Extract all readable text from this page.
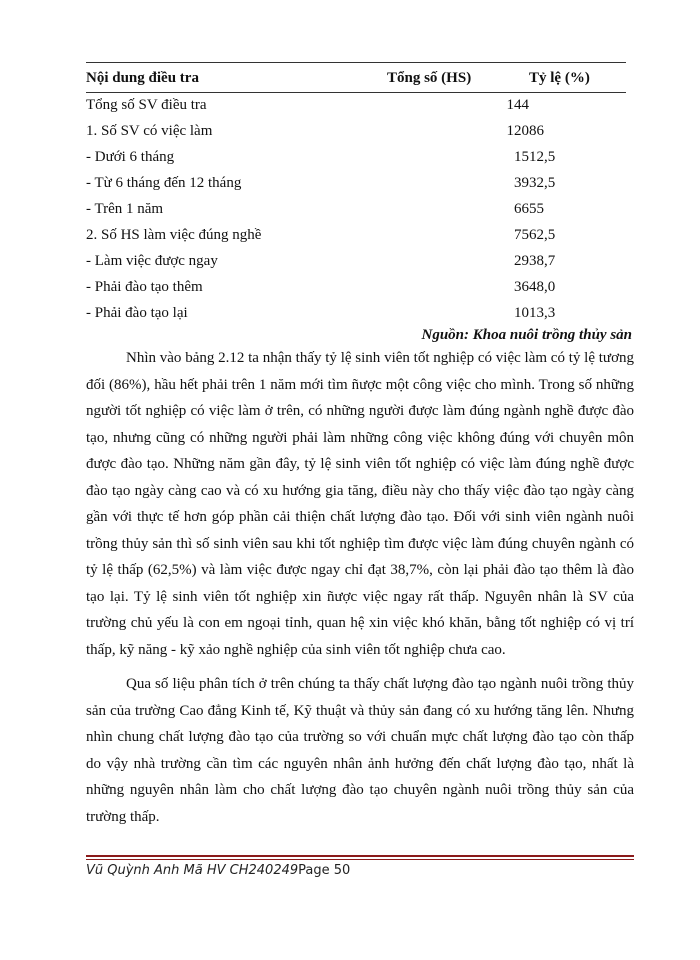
Nội dung điều tra	Tổng số (HS)	Tỷ lệ (%)
Tổng số SV điều tra	144	
1. Số SV có việc làm	120	86
- Dưới 6 tháng	15	12,5
- Từ 6 tháng đến 12 tháng	39	32,5
- Trên 1 năm	66	55
2. Số HS làm việc đúng nghề	75	62,5
- Làm việc được ngay	29	38,7
- Phải đào tạo thêm	36	48,0
- Phải đào tạo lại	10	13,3
Nguồn: Khoa nuôi trồng thủy sản

Nhìn vào bảng 2.12 ta nhận thấy tỷ lệ sinh viên tốt nghiệp có việc làm có tỷ lệ tương đối (86%), hầu hết phải trên 1 năm mới tìm ñược một công việc cho mình. Trong số những người tốt nghiệp có việc làm ở trên, có những người được làm đúng ngành nghề được đào tạo, nhưng cũng có những người phải làm những công việc không đúng với chuyên môn được đào tạo. Những năm gần đây, tỷ lệ sinh viên tốt nghiệp có việc làm đúng nghề được đào tạo ngày càng cao và có xu hướng gia tăng, điều này cho thấy việc đào tạo ngày càng gần với thực tế hơn góp phần cải thiện chất lượng đào tạo. Đối với sinh viên ngành nuôi trồng thủy sản thì số sinh viên sau khi tốt nghiệp tìm được việc làm đúng chuyên ngành có tỷ lệ thấp (62,5%) và làm việc được ngay chỉ đạt 38,7%, còn lại phải đào tạo thêm là đào tạo lại. Tỷ lệ sinh viên tốt nghiệp xin ñược việc ngay rất thấp. Nguyên nhân là SV của trường chủ yếu là con em ngoại tỉnh, quan hệ xin việc khó khăn, bằng tốt nghiệp có vị trí thấp, kỹ năng - kỹ xảo nghề nghiệp của sinh viên tốt nghiệp chưa cao.

Qua số liệu phân tích ở trên chúng ta thấy chất lượng đào tạo ngành nuôi trồng thủy sản của trường Cao đẳng Kinh tế, Kỹ thuật và thủy sản đang có xu hướng tăng lên. Nhưng nhìn chung chất lượng đào tạo của trường so với chuẩn mực chất lượng đào tạo còn thấp do vậy nhà trường cần tìm các nguyên nhân ảnh hưởng đến chất lượng đào tạo, nhất là những nguyên nhân làm cho chất lượng đào tạo chuyên ngành nuôi trồng thủy sản của trường thấp.

Vũ Quỳnh Anh Mã HV CH240249Page 50
